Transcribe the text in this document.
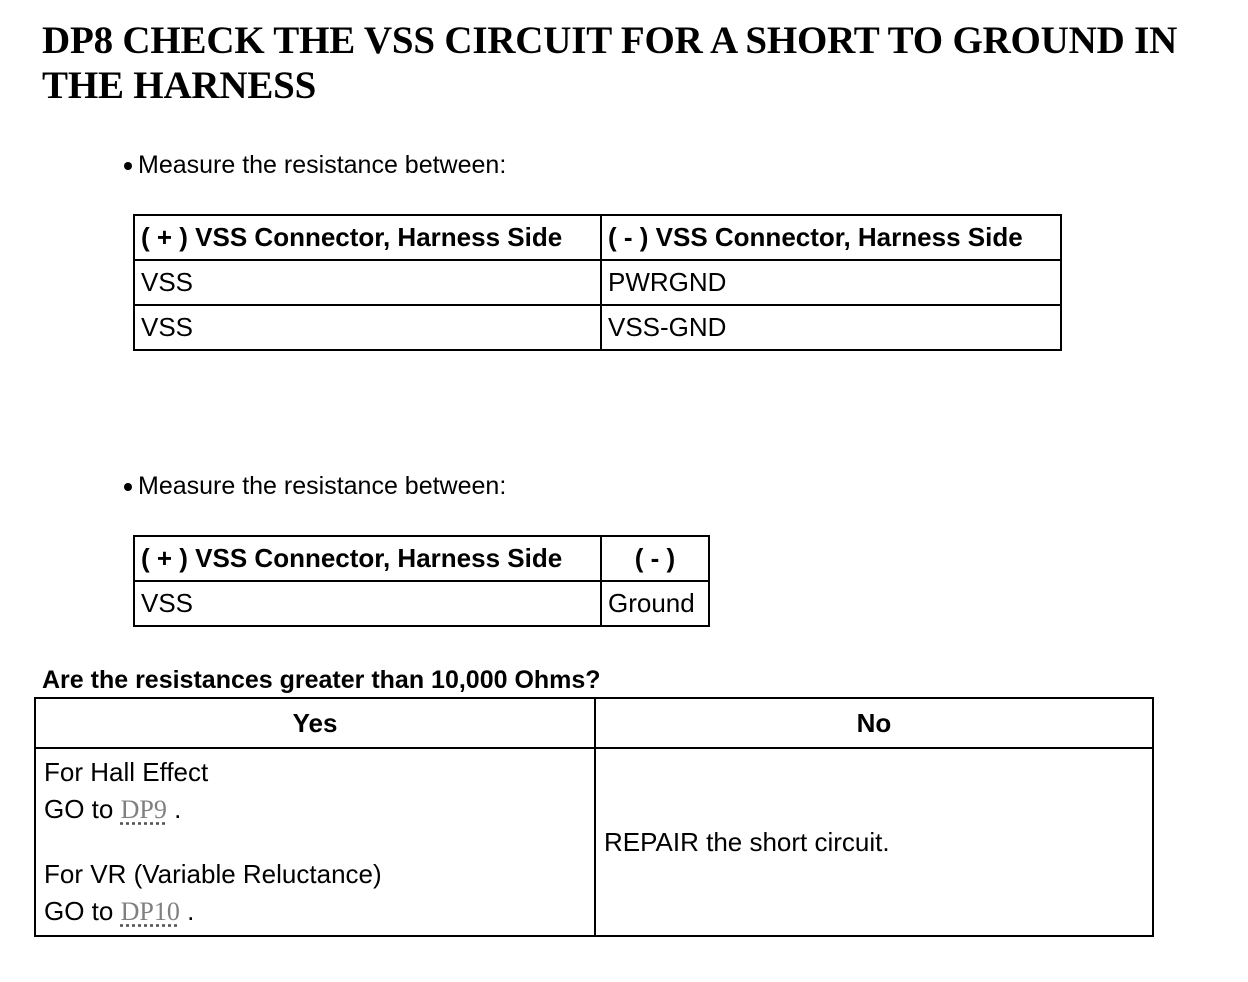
DP8 CHECK THE VSS CIRCUIT FOR A SHORT TO GROUND IN THE HARNESS
Measure the resistance between:
( + ) VSS Connector, Harness Side	( - ) VSS Connector, Harness Side
VSS	PWRGND
VSS	VSS-GND
Measure the resistance between:
( + ) VSS Connector, Harness Side	( - )
VSS	Ground
Are the resistances greater than 10,000 Ohms?
Yes	No

For Hall Effect
GO to DP9 .
For VR (Variable Reluctance)
GO to DP10 .	REPAIR the short circuit.
